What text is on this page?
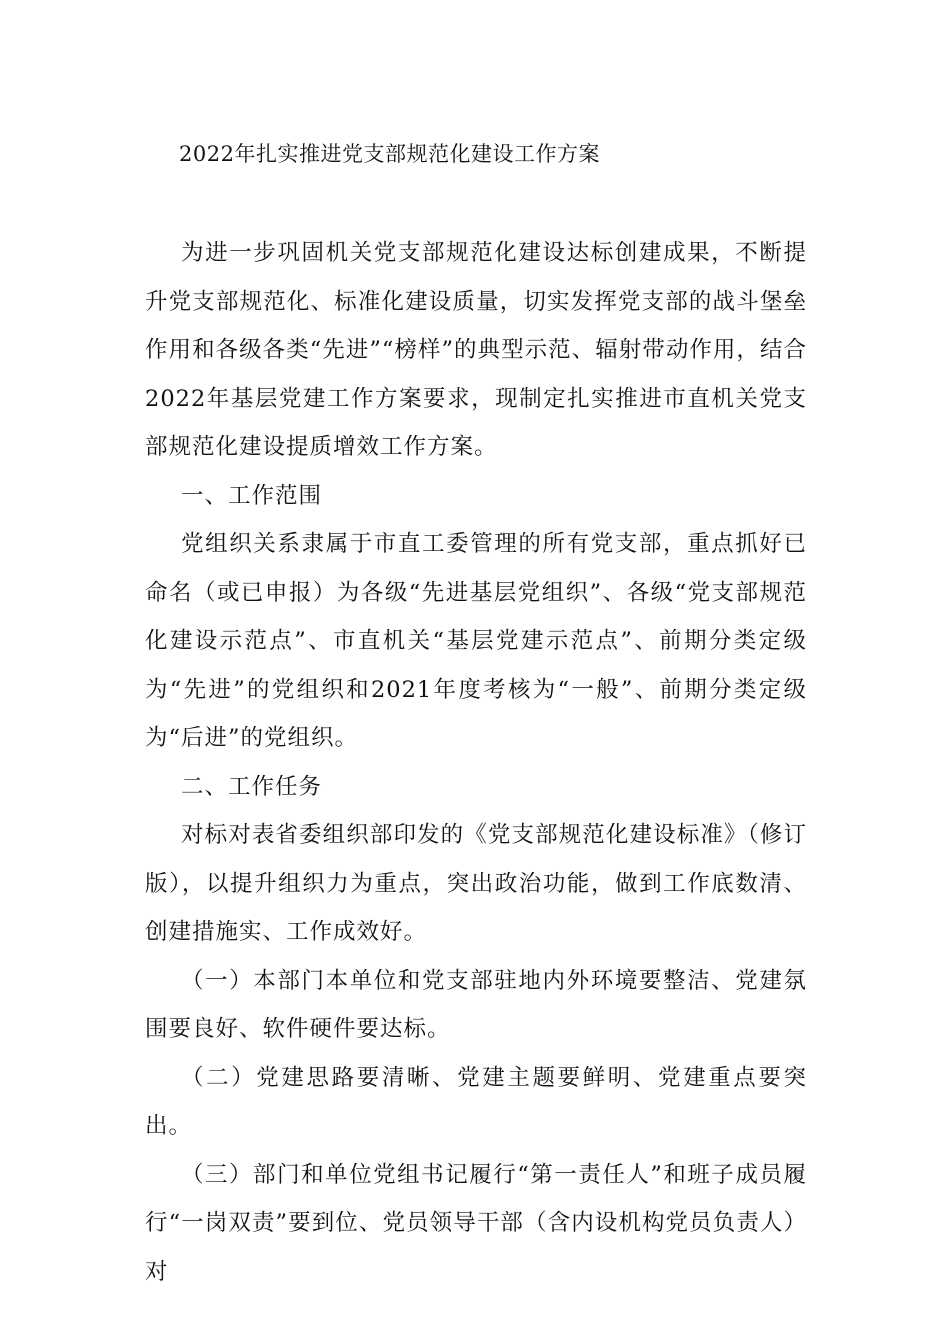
2022年扎实推进党支部规范化建设工作方案

为进一步巩固机关党支部规范化建设达标创建成果，不断提升党支部规范化、标准化建设质量，切实发挥党支部的战斗堡垒作用和各级各类“先进”“榜样”的典型示范、辐射带动作用，结合2022年基层党建工作方案要求，现制定扎实推进市直机关党支部规范化建设提质增效工作方案。

一、工作范围

党组织关系隶属于市直工委管理的所有党支部，重点抓好已命名（或已申报）为各级“先进基层党组织”、各级“党支部规范化建设示范点”、市直机关“基层党建示范点”、前期分类定级为“先进”的党组织和2021年度考核为“一般”、前期分类定级为“后进”的党组织。

二、工作任务

对标对表省委组织部印发的《党支部规范化建设标准》（修订版），以提升组织力为重点，突出政治功能，做到工作底数清、创建措施实、工作成效好。

（一）本部门本单位和党支部驻地内外环境要整洁、党建氛围要良好、软件硬件要达标。

（二）党建思路要清晰、党建主题要鲜明、党建重点要突出。

（三）部门和单位党组书记履行“第一责任人”和班子成员履行“一岗双责”要到位、党员领导干部（含内设机构党员负责人）对
